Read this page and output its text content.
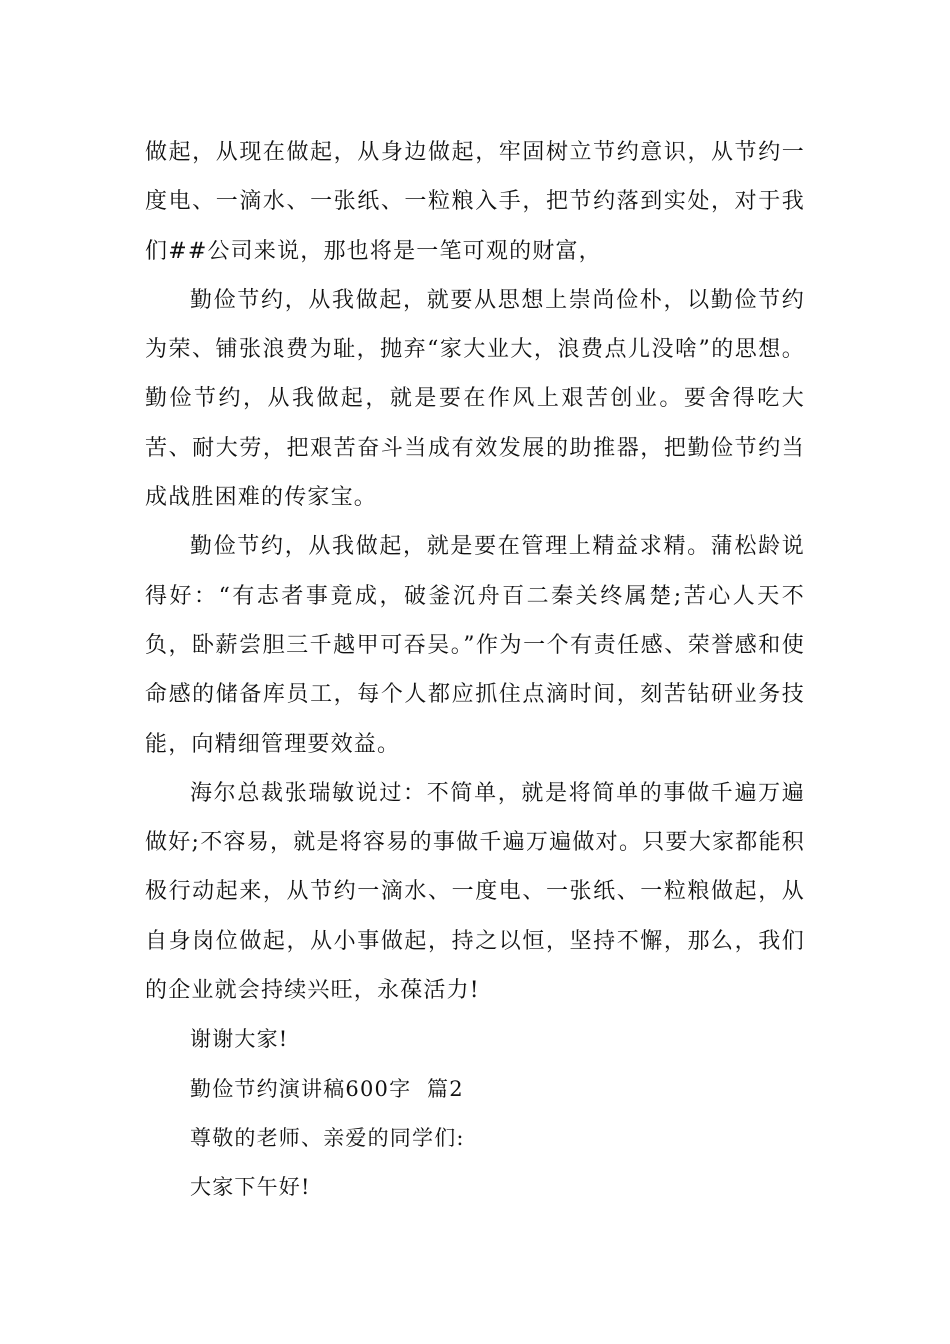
做起，从现在做起，从身边做起，牢固树立节约意识，从节约一度电、一滴水、一张纸、一粒粮入手，把节约落到实处，对于我们##公司来说，那也将是一笔可观的财富，

勤俭节约，从我做起，就要从思想上崇尚俭朴，以勤俭节约为荣、铺张浪费为耻，抛弃“家大业大，浪费点儿没啥”的思想。勤俭节约，从我做起，就是要在作风上艰苦创业。要舍得吃大苦、耐大劳，把艰苦奋斗当成有效发展的助推器，把勤俭节约当成战胜困难的传家宝。

勤俭节约，从我做起，就是要在管理上精益求精。蒲松龄说得好：“有志者事竟成，破釜沉舟百二秦关终属楚;苦心人天不负，卧薪尝胆三千越甲可吞吴。”作为一个有责任感、荣誉感和使命感的储备库员工，每个人都应抓住点滴时间，刻苦钻研业务技能，向精细管理要效益。

海尔总裁张瑞敏说过：不简单，就是将简单的事做千遍万遍做好;不容易，就是将容易的事做千遍万遍做对。只要大家都能积极行动起来，从节约一滴水、一度电、一张纸、一粒粮做起，从自身岗位做起，从小事做起，持之以恒，坚持不懈，那么，我们的企业就会持续兴旺，永葆活力!

谢谢大家!

勤俭节约演讲稿600字  篇2

尊敬的老师、亲爱的同学们:

大家下午好!
